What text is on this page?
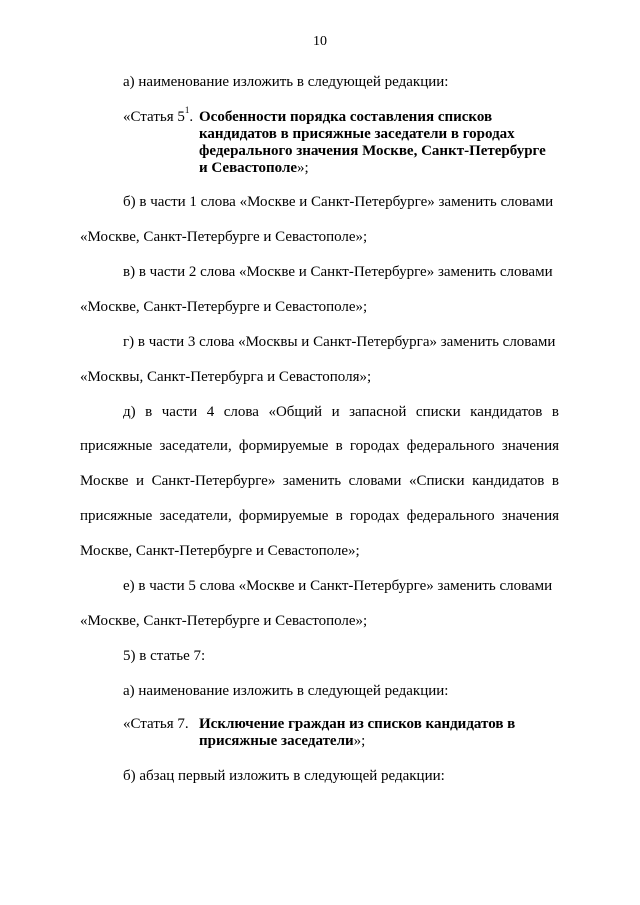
10
а) наименование изложить в следующей редакции:
«Статья $5^1$. Особенности порядка составления списков
кандидатов в присяжные заседатели в городах
федерального значения Москве, Санкт-Петербурге
и Севастополе»;
б) в части 1 слова «Москве и Санкт-Петербурге» заменить словами
«Москве, Санкт-Петербурге и Севастополе»;
в) в части 2 слова «Москве и Санкт-Петербурге» заменить словами
«Москве, Санкт-Петербурге и Севастополе»;
г) в части 3 слова «Москвы и Санкт-Петербурга» заменить словами
«Москвы, Санкт-Петербурга и Севастополя»;
д) в части 4 слова «Общий и запасной списки кандидатов в
присяжные заседатели, формируемые в городах федерального значения
Москве и Санкт-Петербурге» заменить словами «Списки кандидатов в
присяжные заседатели, формируемые в городах федерального значения
Москве, Санкт-Петербурге и Севастополе»;
е) в части 5 слова «Москве и Санкт-Петербурге» заменить словами
«Москве, Санкт-Петербурге и Севастополе»;
5) в статье 7:
а) наименование изложить в следующей редакции:
«Статья 7. Исключение граждан из списков кандидатов в
присяжные заседатели»;
б) абзац первый изложить в следующей редакции:
